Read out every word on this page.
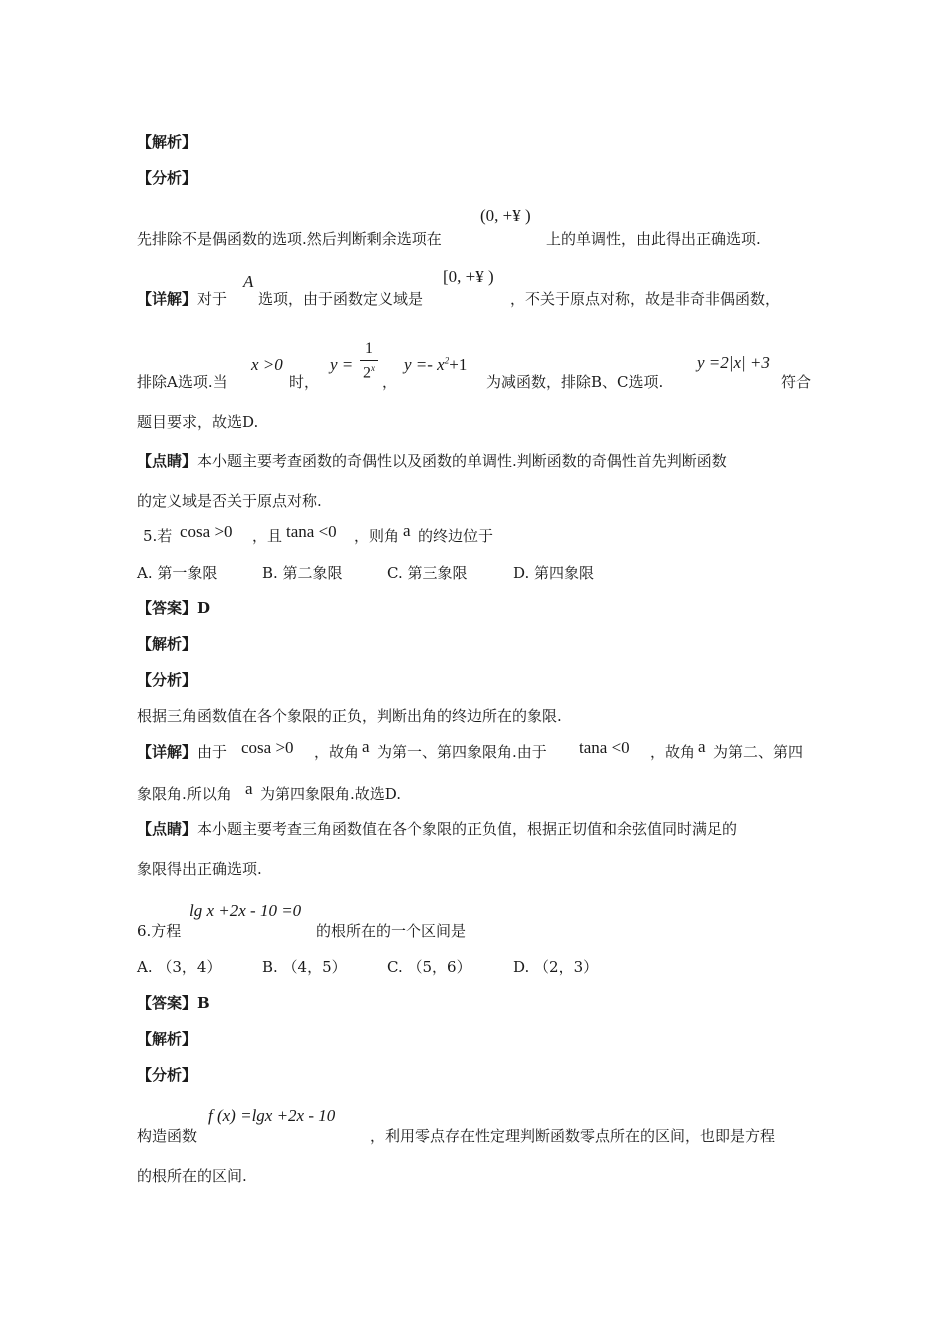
【解析】
【分析】
先排除不是偶函数的选项.然后判断剩余选项在
(0, +¥ )
上的单调性，由此得出正确选项.
【详解】对于
A
选项，由于函数定义域是
[0, +¥ )
，不关于原点对称，故是非奇非偶函数，
排除A选项.当
x >0
时，
y =
1
2$^x$
，
$y =- x^2+1$
为减函数，排除B、C选项.
y =2|x| +3
符合
题目要求，故选D.
【点睛】本小题主要考查函数的奇偶性以及函数的单调性.判断函数的奇偶性首先判断函数
的定义域是否关于原点对称.
5.若 cosa >0 ，且 tana <0 ，则角 a 的终边位于
A. 第一象限	B. 第二象限	C. 第三象限	D. 第四象限
【答案】D
【解析】
【分析】
根据三角函数值在各个象限的正负，判断出角的终边所在的象限.
【详解】由于 cosa >0 ，故角 a 为第一、第四象限角.由于 tana <0 ，故角 a 为第二、第四
象限角.所以角 a 为第四象限角.故选D.
【点睛】本小题主要考查三角函数值在各个象限的正负值，根据正切值和余弦值同时满足的
象限得出正确选项.
6.方程
lg x +2x - 10 =0
的根所在的一个区间是
A. （3，4）	B. （4，5）	C. （5，6）	D. （2，3）
【答案】B
【解析】
【分析】
构造函数
f (x) =lgx +2x - 10
，利用零点存在性定理判断函数零点所在的区间，也即是方程
的根所在的区间.
